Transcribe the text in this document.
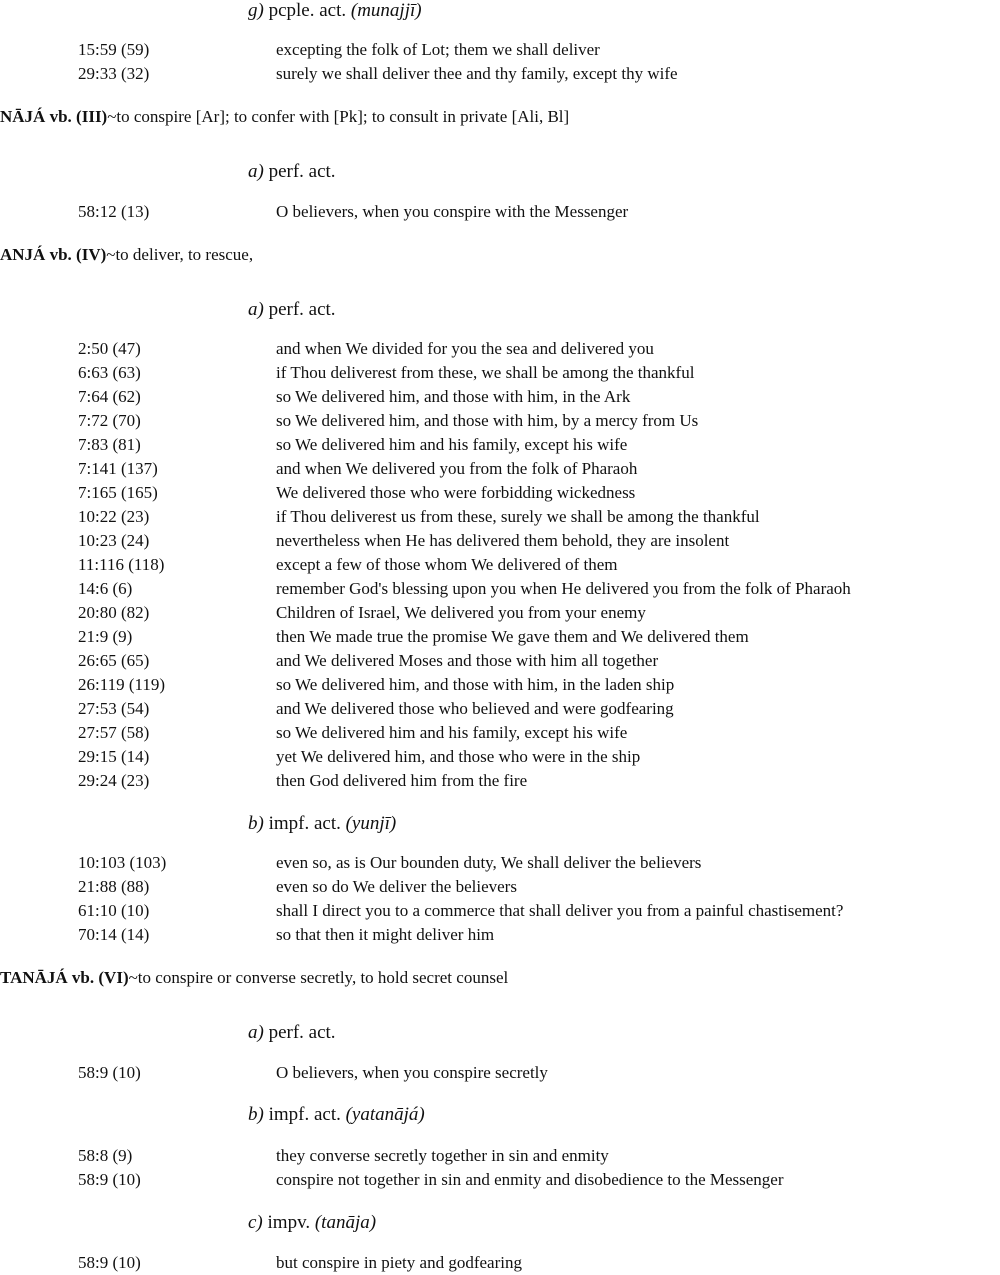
g) pcple. act. (munajjī)
15:59 (59)	excepting the folk of Lot; them we shall deliver
29:33 (32)	surely we shall deliver thee and thy family, except thy wife
NĀJÁ vb. (III)~to conspire [Ar]; to confer with [Pk]; to consult in private [Ali, Bl]
a) perf. act.
58:12 (13)	O believers, when you conspire with the Messenger
ANJÁ vb. (IV)~to deliver, to rescue,
a) perf. act.
2:50 (47)	and when We divided for you the sea and delivered you
6:63 (63)	if Thou deliverest from these, we shall be among the thankful
7:64 (62)	so We delivered him, and those with him, in the Ark
7:72 (70)	so We delivered him, and those with him, by a mercy from Us
7:83 (81)	so We delivered him and his family, except his wife
7:141 (137)	and when We delivered you from the folk of Pharaoh
7:165 (165)	We delivered those who were forbidding wickedness
10:22 (23)	if Thou deliverest us from these, surely we shall be among the thankful
10:23 (24)	nevertheless when He has delivered them behold, they are insolent
11:116 (118)	except a few of those whom We delivered of them
14:6 (6)	remember God's blessing upon you when He delivered you from the folk of Pharaoh
20:80 (82)	Children of Israel, We delivered you from your enemy
21:9 (9)	then We made true the promise We gave them and We delivered them
26:65 (65)	and We delivered Moses and those with him all together
26:119 (119)	so We delivered him, and those with him, in the laden ship
27:53 (54)	and We delivered those who believed and were godfearing
27:57 (58)	so We delivered him and his family, except his wife
29:15 (14)	yet We delivered him, and those who were in the ship
29:24 (23)	then God delivered him from the fire
b) impf. act. (yunjī)
10:103 (103)	even so, as is Our bounden duty, We shall deliver the believers
21:88 (88)	even so do We deliver the believers
61:10 (10)	shall I direct you to a commerce that shall deliver you from a painful chastisement?
70:14 (14)	so that then it might deliver him
TANĀJÁ vb. (VI)~to conspire or converse secretly, to hold secret counsel
a) perf. act.
58:9 (10)	O believers, when you conspire secretly
b) impf. act. (yatanājá)
58:8 (9)	they converse secretly together in sin and enmity
58:9 (10)	conspire not together in sin and enmity and disobedience to the Messenger
c) impv. (tanāja)
58:9 (10)	but conspire in piety and godfearing
